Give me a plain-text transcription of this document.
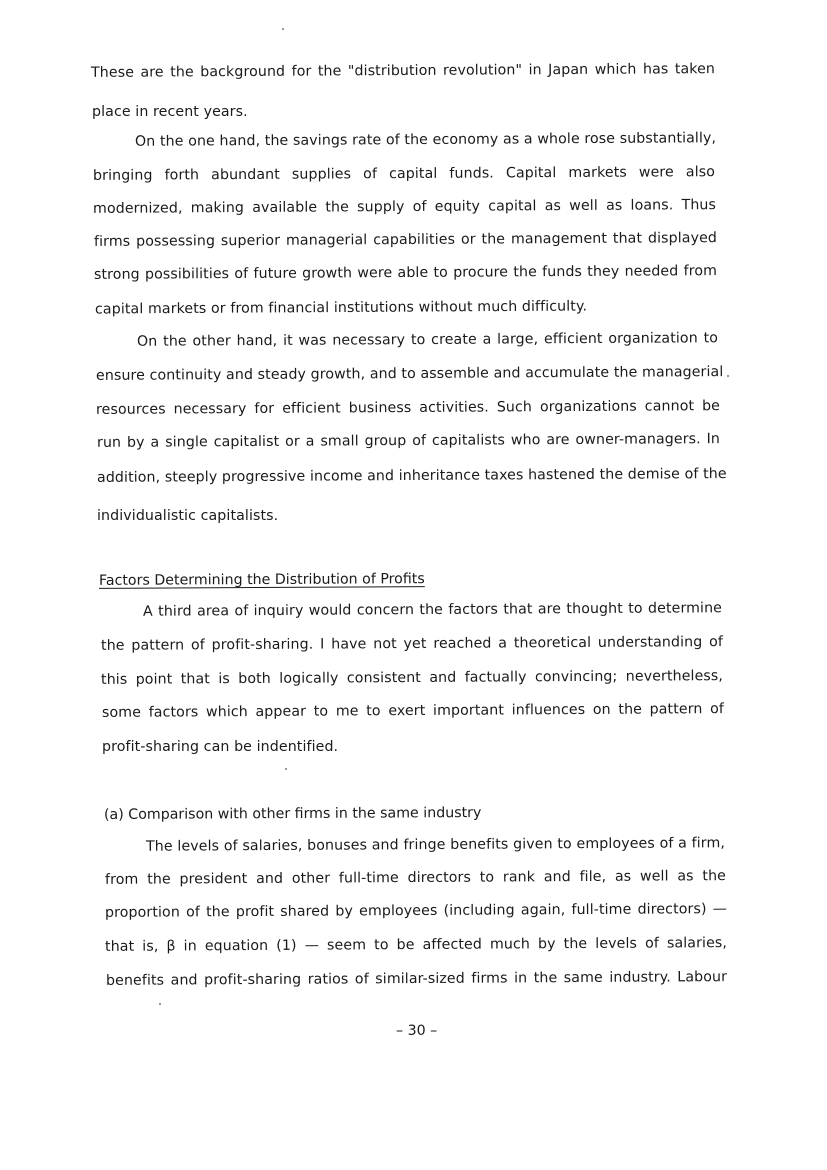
These are the background for the "distribution revolution" in Japan which has taken
place in recent years.
On the one hand, the savings rate of the economy as a whole rose substantially,
bringing forth abundant supplies of capital funds. Capital markets were also
modernized, making available the supply of equity capital as well as loans. Thus
firms possessing superior managerial capabilities or the management that displayed
strong possibilities of future growth were able to procure the funds they needed from
capital markets or from financial institutions without much difficulty.
On the other hand, it was necessary to create a large, efficient organization to
ensure continuity and steady growth, and to assemble and accumulate the managerial
resources necessary for efficient business activities. Such organizations cannot be
run by a single capitalist or a small group of capitalists who are owner-managers. In
addition, steeply progressive income and inheritance taxes hastened the demise of the
individualistic capitalists.
Factors Determining the Distribution of Profits
A third area of inquiry would concern the factors that are thought to determine
the pattern of profit-sharing. I have not yet reached a theoretical understanding of
this point that is both logically consistent and factually convincing; nevertheless,
some factors which appear to me to exert important influences on the pattern of
profit-sharing can be indentified.
(a) Comparison with other firms in the same industry
The levels of salaries, bonuses and fringe benefits given to employees of a firm,
from the president and other full-time directors to rank and file, as well as the
proportion of the profit shared by employees (including again, full-time directors) —
that is, β in equation (1) — seem to be affected much by the levels of salaries,
benefits and profit-sharing ratios of similar-sized firms in the same industry. Labour
– 30 –
